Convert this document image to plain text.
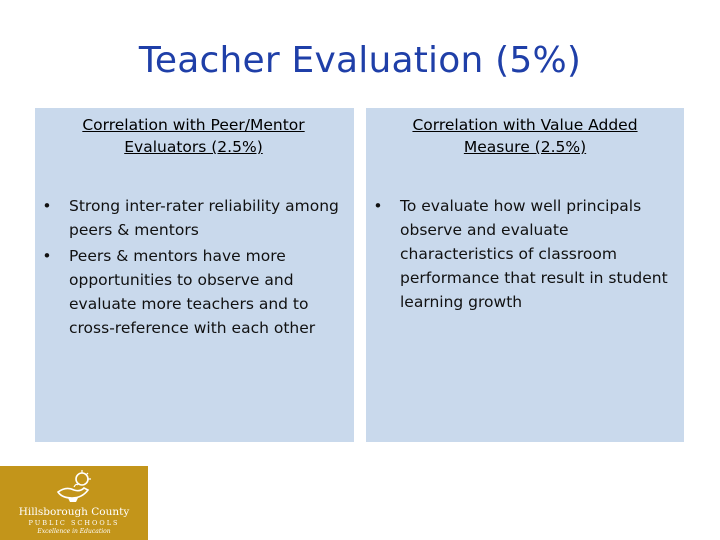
Teacher Evaluation (5%)
Correlation with Peer/Mentor
Evaluators (2.5%)
• Strong inter-rater reliability among peers & mentors
• Peers & mentors have more opportunities to observe and evaluate more teachers and to cross-reference with each other
Correlation with Value Added
Measure (2.5%)
• To evaluate how well principals observe and evaluate characteristics of classroom performance that result in student learning growth
Hillsborough County
PUBLIC SCHOOLS
Excellence in Education
